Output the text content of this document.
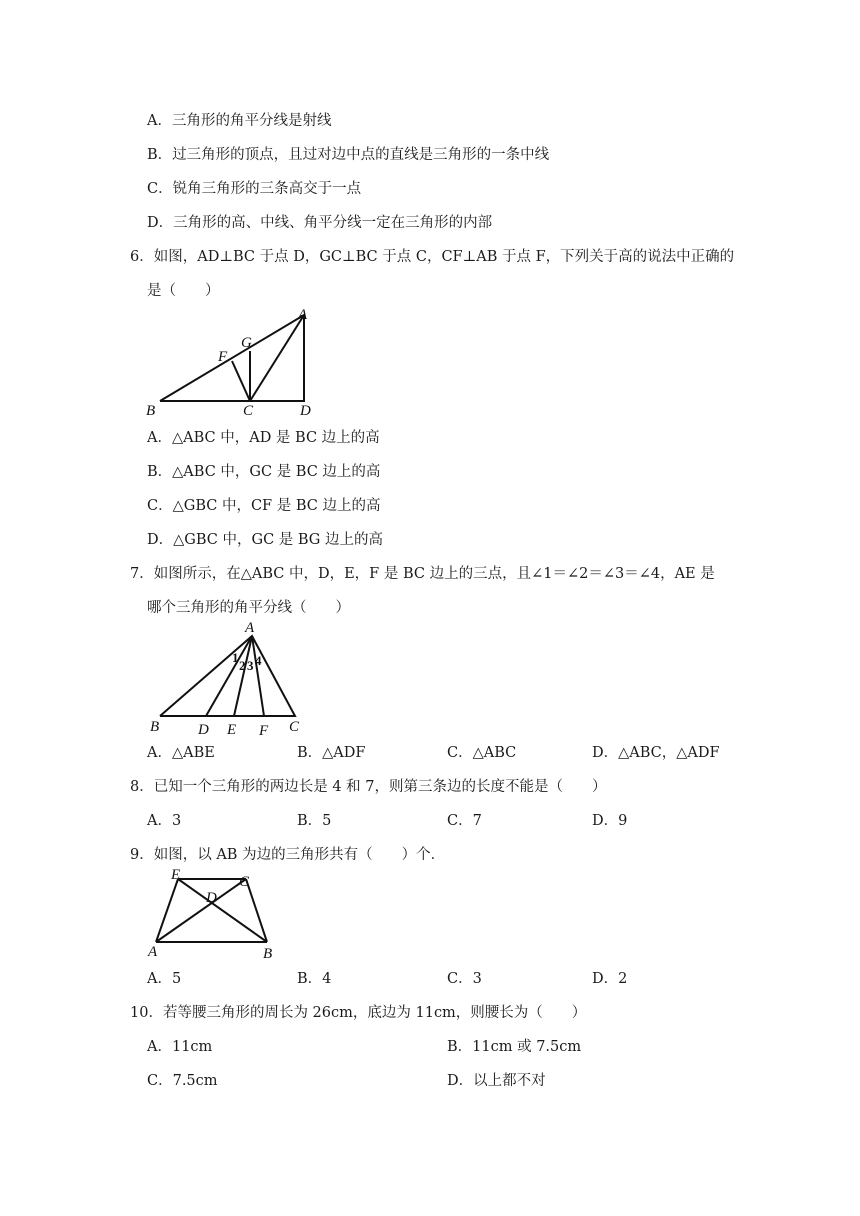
A．三角形的角平分线是射线
B．过三角形的顶点，且过对边中点的直线是三角形的一条中线
C．锐角三角形的三条高交于一点
D．三角形的高、中线、角平分线一定在三角形的内部
6．如图，AD⊥BC 于点 D，GC⊥BC 于点 C，CF⊥AB 于点 F，下列关于高的说法中正确的
是（　　）
A
B	C	D
F
G
A．△ABC 中，AD 是 BC 边上的高
B．△ABC 中，GC 是 BC 边上的高
C．△GBC 中，CF 是 BC 边上的高
D．△GBC 中，GC 是 BG 边上的高
7．如图所示，在△ABC 中，D，E，F 是 BC 边上的三点，且∠1＝∠2＝∠3＝∠4，AE 是
哪个三角形的角平分线（　　）
A
B	D E F C
1
2 3 4
A．△ABE	B．△ADF	C．△ABC	D．△ABC，△ADF
8．已知一个三角形的两边长是 4 和 7，则第三条边的长度不能是（　　）
A．3	B．5	C．7	D．9
9．如图，以 AB 为边的三角形共有（　　）个．
E	C
D
A	B
A．5	B．4	C．3	D．2
10．若等腰三角形的周长为 26cm，底边为 11cm，则腰长为（　　）
A．11cm	B．11cm 或 7.5cm
C．7.5cm	D．以上都不对
